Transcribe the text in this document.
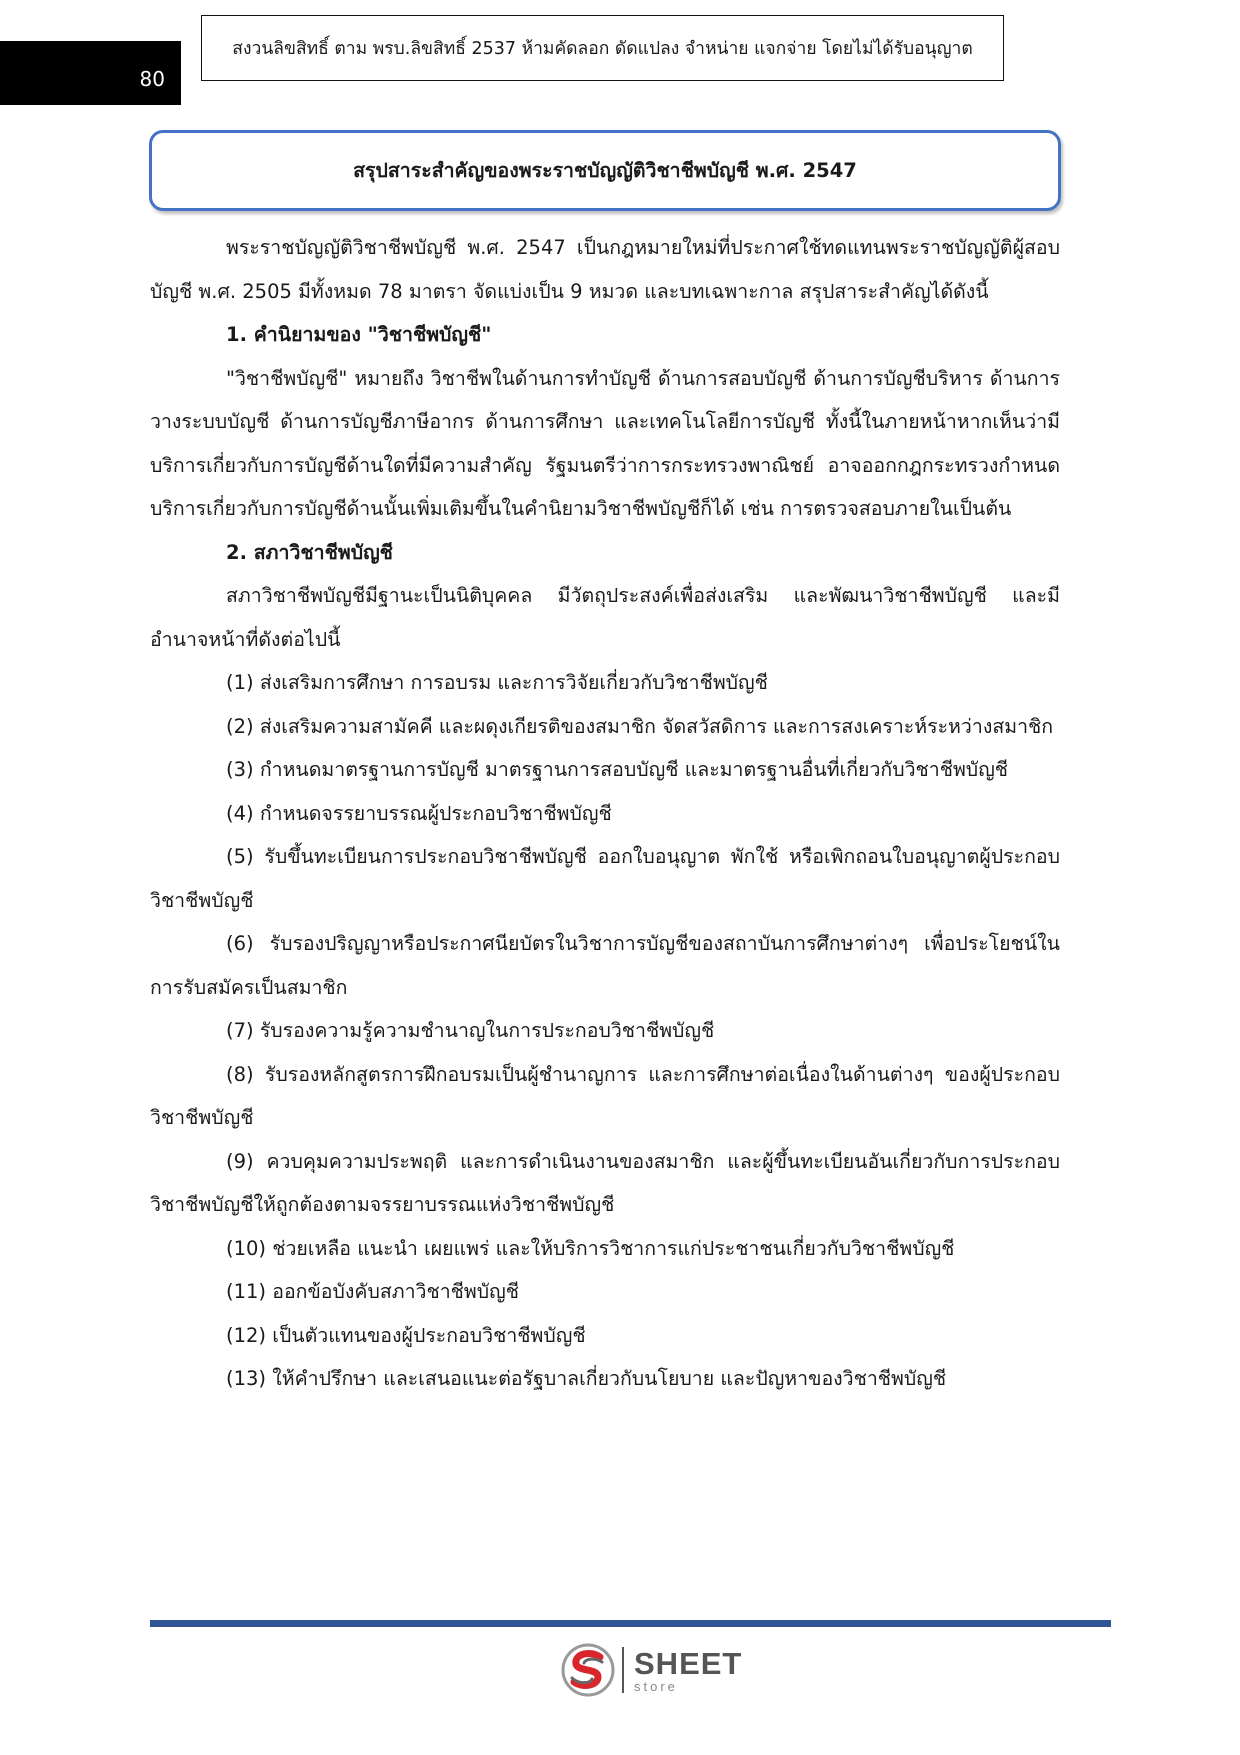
80
สงวนลิขสิทธิ์ ตาม พรบ.ลิขสิทธิ์ 2537 ห้ามคัดลอก ดัดแปลง จำหน่าย แจกจ่าย โดยไม่ได้รับอนุญาต
สรุปสาระสำคัญของพระราชบัญญัติวิชาชีพบัญชี พ.ศ. 2547

พระราชบัญญัติวิชาชีพบัญชี พ.ศ. 2547 เป็นกฎหมายใหม่ที่ประกาศใช้ทดแทนพระราชบัญญัติผู้สอบบัญชี พ.ศ. 2505 มีทั้งหมด 78 มาตรา จัดแบ่งเป็น 9 หมวด และบทเฉพาะกาล สรุปสาระสำคัญได้ดังนี้

1. คำนิยามของ "วิชาชีพบัญชี"

"วิชาชีพบัญชี" หมายถึง วิชาชีพในด้านการทำบัญชี ด้านการสอบบัญชี ด้านการบัญชีบริหาร ด้านการวางระบบบัญชี ด้านการบัญชีภาษีอากร ด้านการศึกษา และเทคโนโลยีการบัญชี ทั้งนี้ในภายหน้าหากเห็นว่ามีบริการเกี่ยวกับการบัญชีด้านใดที่มีความสำคัญ รัฐมนตรีว่าการกระทรวงพาณิชย์ อาจออกกฎกระทรวงกำหนดบริการเกี่ยวกับการบัญชีด้านนั้นเพิ่มเติมขึ้นในคำนิยามวิชาชีพบัญชีก็ได้ เช่น การตรวจสอบภายในเป็นต้น

2. สภาวิชาชีพบัญชี

สภาวิชาชีพบัญชีมีฐานะเป็นนิติบุคคล มีวัตถุประสงค์เพื่อส่งเสริม และพัฒนาวิชาชีพบัญชี และมีอำนาจหน้าที่ดังต่อไปนี้

(1) ส่งเสริมการศึกษา การอบรม และการวิจัยเกี่ยวกับวิชาชีพบัญชี

(2) ส่งเสริมความสามัคคี และผดุงเกียรติของสมาชิก จัดสวัสดิการ และการสงเคราะห์ระหว่างสมาชิก

(3) กำหนดมาตรฐานการบัญชี มาตรฐานการสอบบัญชี และมาตรฐานอื่นที่เกี่ยวกับวิชาชีพบัญชี

(4) กำหนดจรรยาบรรณผู้ประกอบวิชาชีพบัญชี

(5) รับขึ้นทะเบียนการประกอบวิชาชีพบัญชี ออกใบอนุญาต พักใช้ หรือเพิกถอนใบอนุญาตผู้ประกอบวิชาชีพบัญชี

(6) รับรองปริญญาหรือประกาศนียบัตรในวิชาการบัญชีของสถาบันการศึกษาต่างๆ เพื่อประโยชน์ในการรับสมัครเป็นสมาชิก

(7) รับรองความรู้ความชำนาญในการประกอบวิชาชีพบัญชี

(8) รับรองหลักสูตรการฝึกอบรมเป็นผู้ชำนาญการ และการศึกษาต่อเนื่องในด้านต่างๆ ของผู้ประกอบวิชาชีพบัญชี

(9) ควบคุมความประพฤติ และการดำเนินงานของสมาชิก และผู้ขึ้นทะเบียนอันเกี่ยวกับการประกอบวิชาชีพบัญชีให้ถูกต้องตามจรรยาบรรณแห่งวิชาชีพบัญชี

(10) ช่วยเหลือ แนะนำ เผยแพร่ และให้บริการวิชาการแก่ประชาชนเกี่ยวกับวิชาชีพบัญชี

(11) ออกข้อบังคับสภาวิชาชีพบัญชี

(12) เป็นตัวแทนของผู้ประกอบวิชาชีพบัญชี

(13) ให้คำปรึกษา และเสนอแนะต่อรัฐบาลเกี่ยวกับนโยบาย และปัญหาของวิชาชีพบัญชี

SHEET
store
